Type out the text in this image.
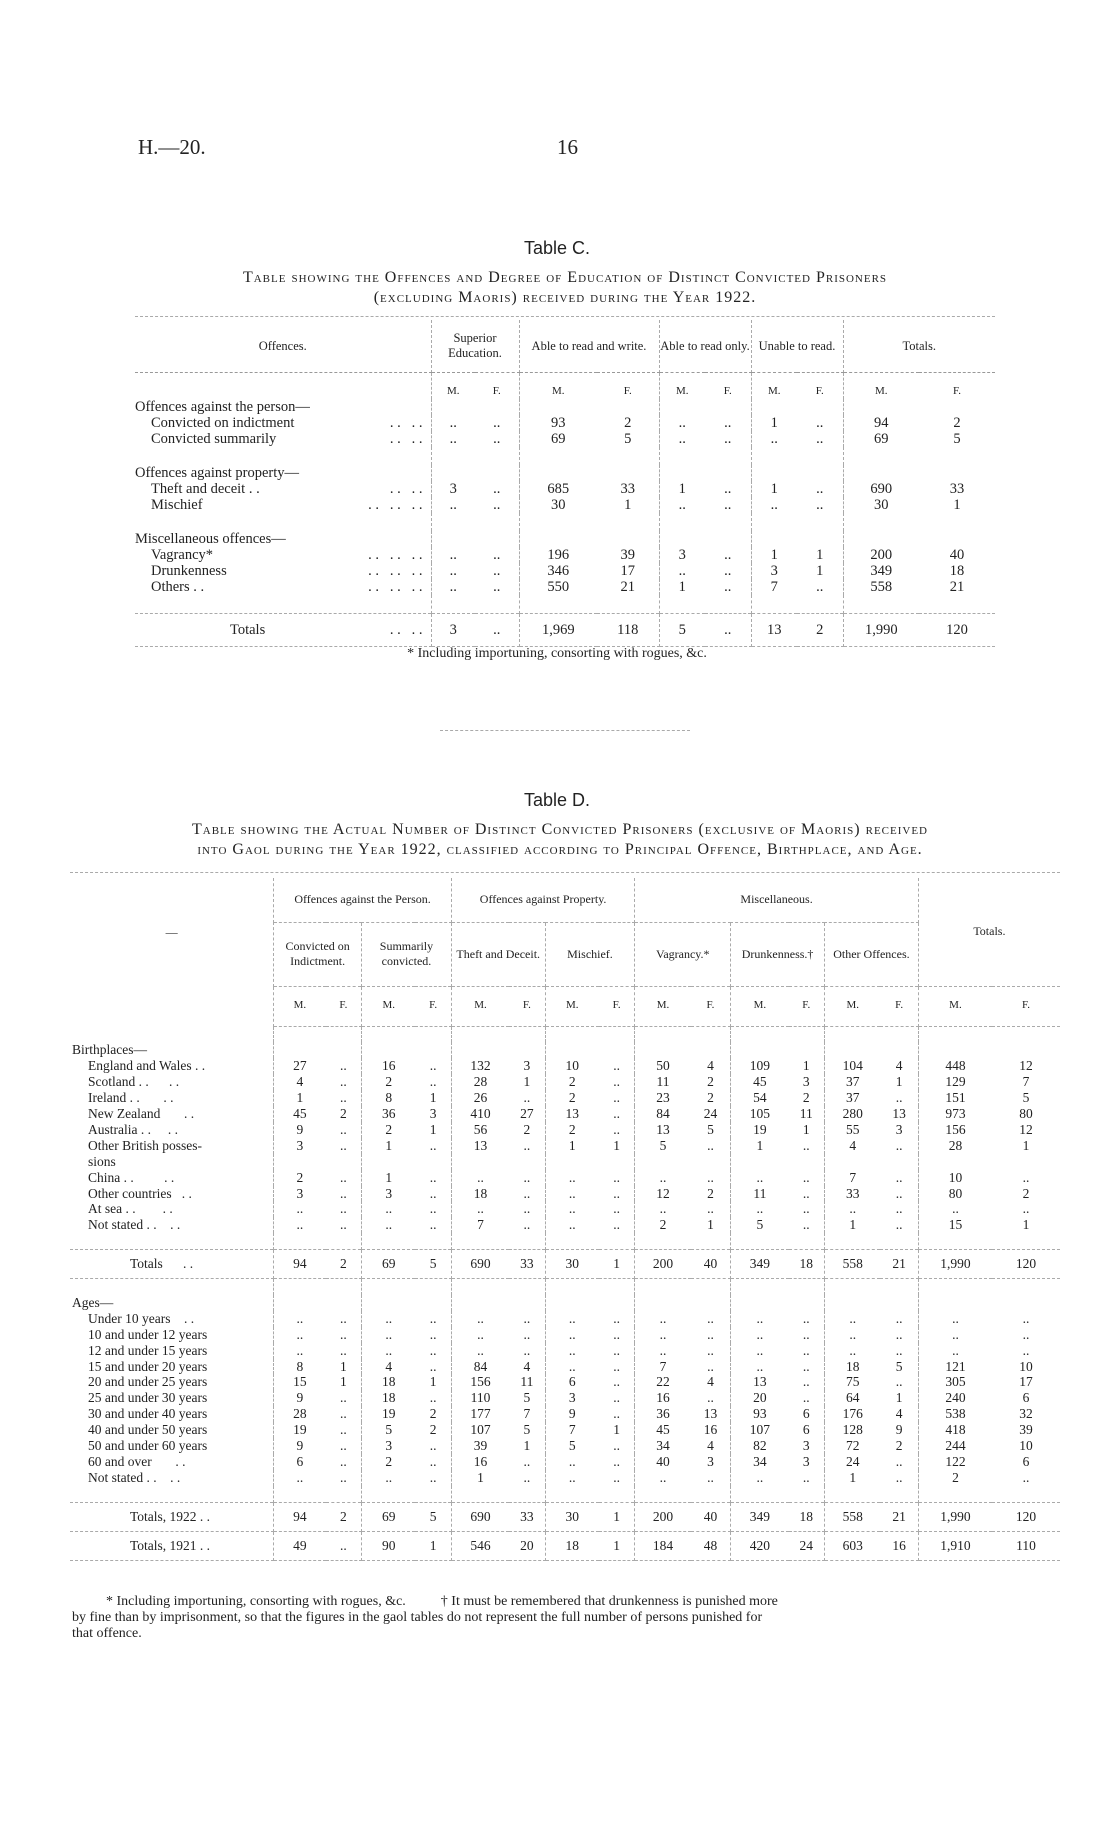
H.—20.	16
Table C.
Table showing the Offences and Degree of Education of Distinct Convicted Prisoners
(excluding Maoris) received during the Year 1922.
Offences.	Superior Education.		Able to read and write.		Able to read only.		Unable to read.		Totals.	
	M.	F.	M.	F.	M.	F.	M.	F.	M.	F.
Offences against the person—										
Convicted on indictment . .   . .	..	..	93	2	..	..	1	..	94	2
Convicted summarily . .   . .	..	..	69	5	..	..	..	..	69	5

Offences against property—										
Theft and deceit . . . .   . .	3	..	685	33	1	..	1	..	690	33
Mischief . .   . .   . .	..	..	30	1	..	..	..	..	30	1

Miscellaneous offences—										
Vagrancy* . .   . .   . .	..	..	196	39	3	..	1	1	200	40
Drunkenness . .   . .   . .	..	..	346	17	..	..	3	1	349	18
Others . . . .   . .   . .	..	..	550	21	1	..	7	..	558	21

Totals . .   . .	3	..	1,969	118	5	..	13	2	1,990	120
* Including importuning, consorting with rogues, &c.
Table D.
Table showing the Actual Number of Distinct Convicted Prisoners (exclusive of Maoris) received
into Gaol during the Year 1922, classified according to Principal Offence, Birthplace, and Age.
—	Offences against the Person.				Offences against Property.				Miscellaneous.						Totals.	
	Convicted on Indictment.		Summarily convicted.		Theft and Deceit.		Mischief.		Vagrancy.*		Drunkenness.†		Other Offences.			
	M.	F.	M.	F.	M.	F.	M.	F.	M.	F.	M.	F.	M.	F.	M.	F.

Birthplaces—																
England and Wales . .	27	..	16	..	132	3	10	..	50	4	109	1	104	4	448	12
Scotland . .      . .	4	..	2	..	28	1	2	..	11	2	45	3	37	1	129	7
Ireland . .       . .	1	..	8	1	26	..	2	..	23	2	54	2	37	..	151	5
New Zealand       . .	45	2	36	3	410	27	13	..	84	24	105	11	280	13	973	80
Australia . .     . .	9	..	2	1	56	2	2	..	13	5	19	1	55	3	156	12
Other British posses-	3	..	1	..	13	..	1	1	5	..	1	..	4	..	28	1
sions																
China . .         . .	2	..	1	..	..	..	..	..	..	..	..	..	7	..	10	..
Other countries   . .	3	..	3	..	18	..	..	..	12	2	11	..	33	..	80	2
At sea . .        . .	..	..	..	..	..	..	..	..	..	..	..	..	..	..	..	..
Not stated . .    . .	..	..	..	..	7	..	..	..	2	1	5	..	1	..	15	1

Totals      . .	94	2	69	5	690	33	30	1	200	40	349	18	558	21	1,990	120

Ages—																
Under 10 years    . .	..	..	..	..	..	..	..	..	..	..	..	..	..	..	..	..
10 and under 12 years	..	..	..	..	..	..	..	..	..	..	..	..	..	..	..	..
12 and under 15 years	..	..	..	..	..	..	..	..	..	..	..	..	..	..	..	..
15 and under 20 years	8	1	4	..	84	4	..	..	7	..	..	..	18	5	121	10
20 and under 25 years	15	1	18	1	156	11	6	..	22	4	13	..	75	..	305	17
25 and under 30 years	9	..	18	..	110	5	3	..	16	..	20	..	64	1	240	6
30 and under 40 years	28	..	19	2	177	7	9	..	36	13	93	6	176	4	538	32
40 and under 50 years	19	..	5	2	107	5	7	1	45	16	107	6	128	9	418	39
50 and under 60 years	9	..	3	..	39	1	5	..	34	4	82	3	72	2	244	10
60 and over       . .	6	..	2	..	16	..	..	..	40	3	34	3	24	..	122	6
Not stated . .    . .	..	..	..	..	1	..	..	..	..	..	..	..	1	..	2	..

Totals, 1922 . .	94	2	69	5	690	33	30	1	200	40	349	18	558	21	1,990	120
Totals, 1921 . .	49	..	90	1	546	20	18	1	184	48	420	24	603	16	1,910	110
* Including importuning, consorting with rogues, &c.          † It must be remembered that drunkenness is punished more
by fine than by imprisonment, so that the figures in the gaol tables do not represent the full number of persons punished for
that offence.
